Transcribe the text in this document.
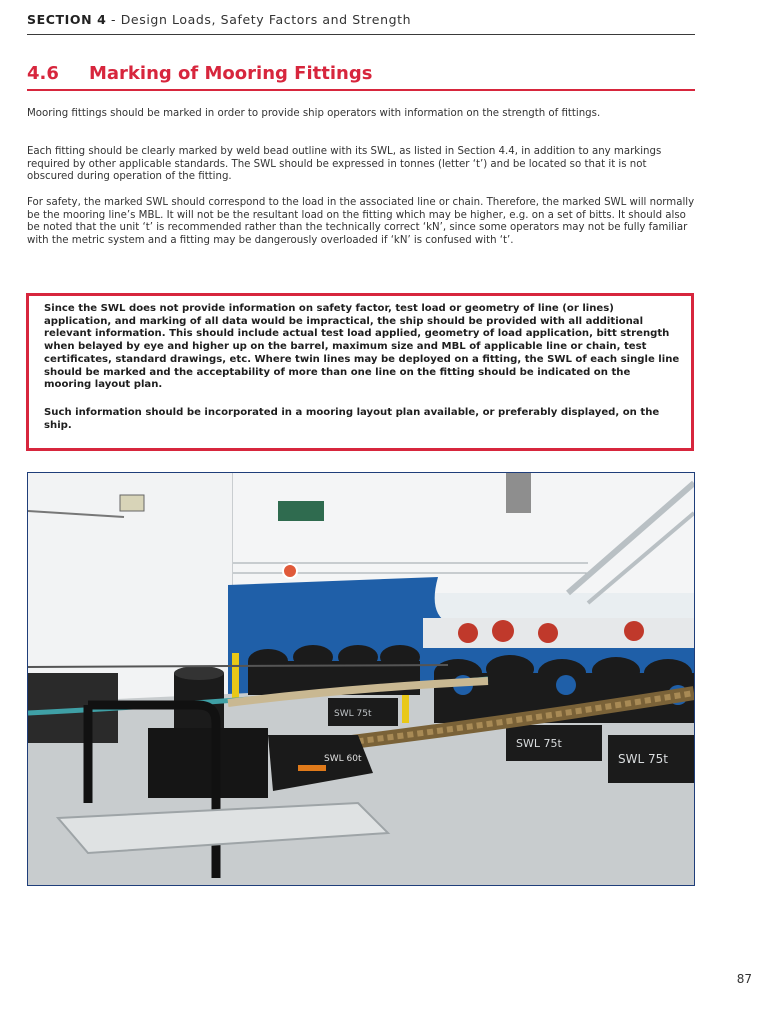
SECTION 4 - Design Loads, Safety Factors and Strength
4.6 Marking of Mooring Fittings

Mooring fittings should be marked in order to provide ship operators with information on the strength of fittings.

Each fitting should be clearly marked by weld bead outline with its SWL, as listed in Section 4.4, in addition to any markings required by other applicable standards. The SWL should be expressed in tonnes (letter ‘t’) and be located so that it is not obscured during operation of the fitting.

For safety, the marked SWL should correspond to the load in the associated line or chain. Therefore, the marked SWL will normally be the mooring line’s MBL. It will not be the resultant load on the fitting which may be higher, e.g. on a set of bitts. It should also be noted that the unit ‘t’ is recommended rather than the technically correct ‘kN’, since some operators may not be fully familiar with the metric system and a fitting may be dangerously overloaded if ‘kN’ is confused with ‘t’.

Since the SWL does not provide information on safety factor, test load or geometry of line (or lines) application, and marking of all data would be impractical, the ship should be provided with all additional relevant information. This should include actual test load applied, geometry of load application, bitt strength when belayed by eye and higher up on the barrel, maximum size and MBL of applicable line or chain, test certificates, standard drawings, etc. Where twin lines may be deployed on a fitting, the SWL of each single line should be marked and the acceptability of more than one line on the fitting should be indicated on the mooring layout plan.

Such information should be incorporated in a mooring layout plan available, or preferably displayed, on the ship.

SWL 75t
SWL 75t
SWL 75t
SWL 60t
87
